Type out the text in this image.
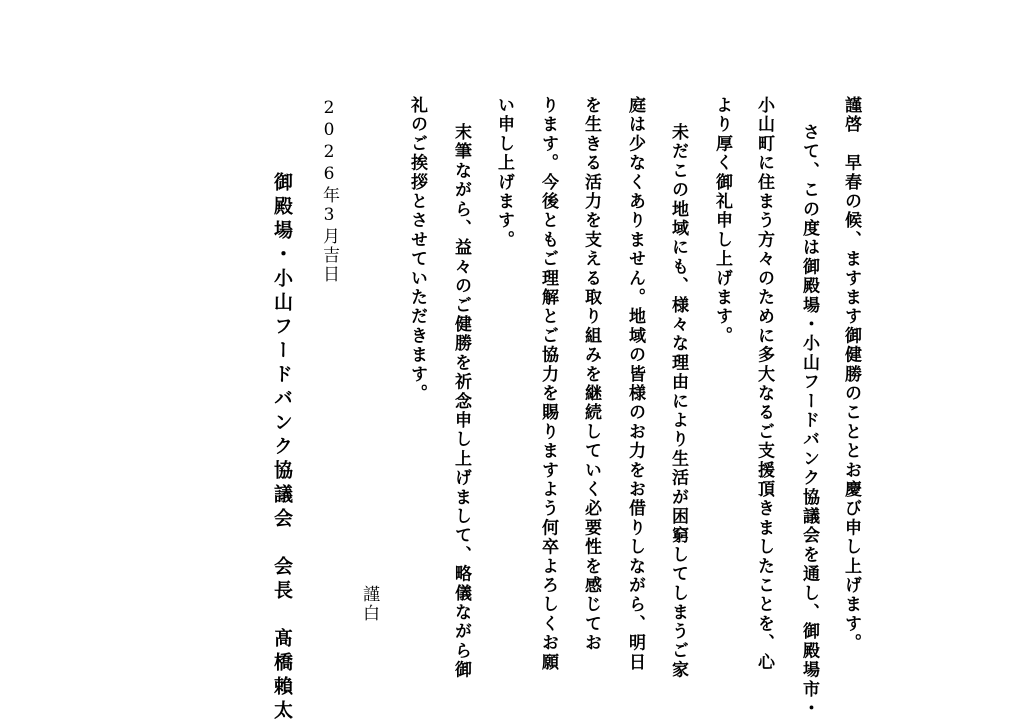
謹啓　早春の候、ますます御健勝のこととお慶び申し上げます。
さて、この度は御殿場・小山フードバンク協議会を通し、御殿場市・
小山町に住まう方々のために多大なるご支援頂きましたことを、心
より厚く御礼申し上げます。
未だこの地域にも、様々な理由により生活が困窮してしまうご家
庭は少なくありません。地域の皆様のお力をお借りしながら、明日
を生きる活力を支える取り組みを継続していく必要性を感じてお
ります。今後ともご理解とご協力を賜りますよう何卒よろしくお願
い申し上げます。
末筆ながら、益々のご健勝を祈念申し上げまして、略儀ながら御
礼のご挨拶とさせていただきます。
謹白
2026年3月吉日
御殿場・小山フードバンク協議会　会長　髙橋賴太
